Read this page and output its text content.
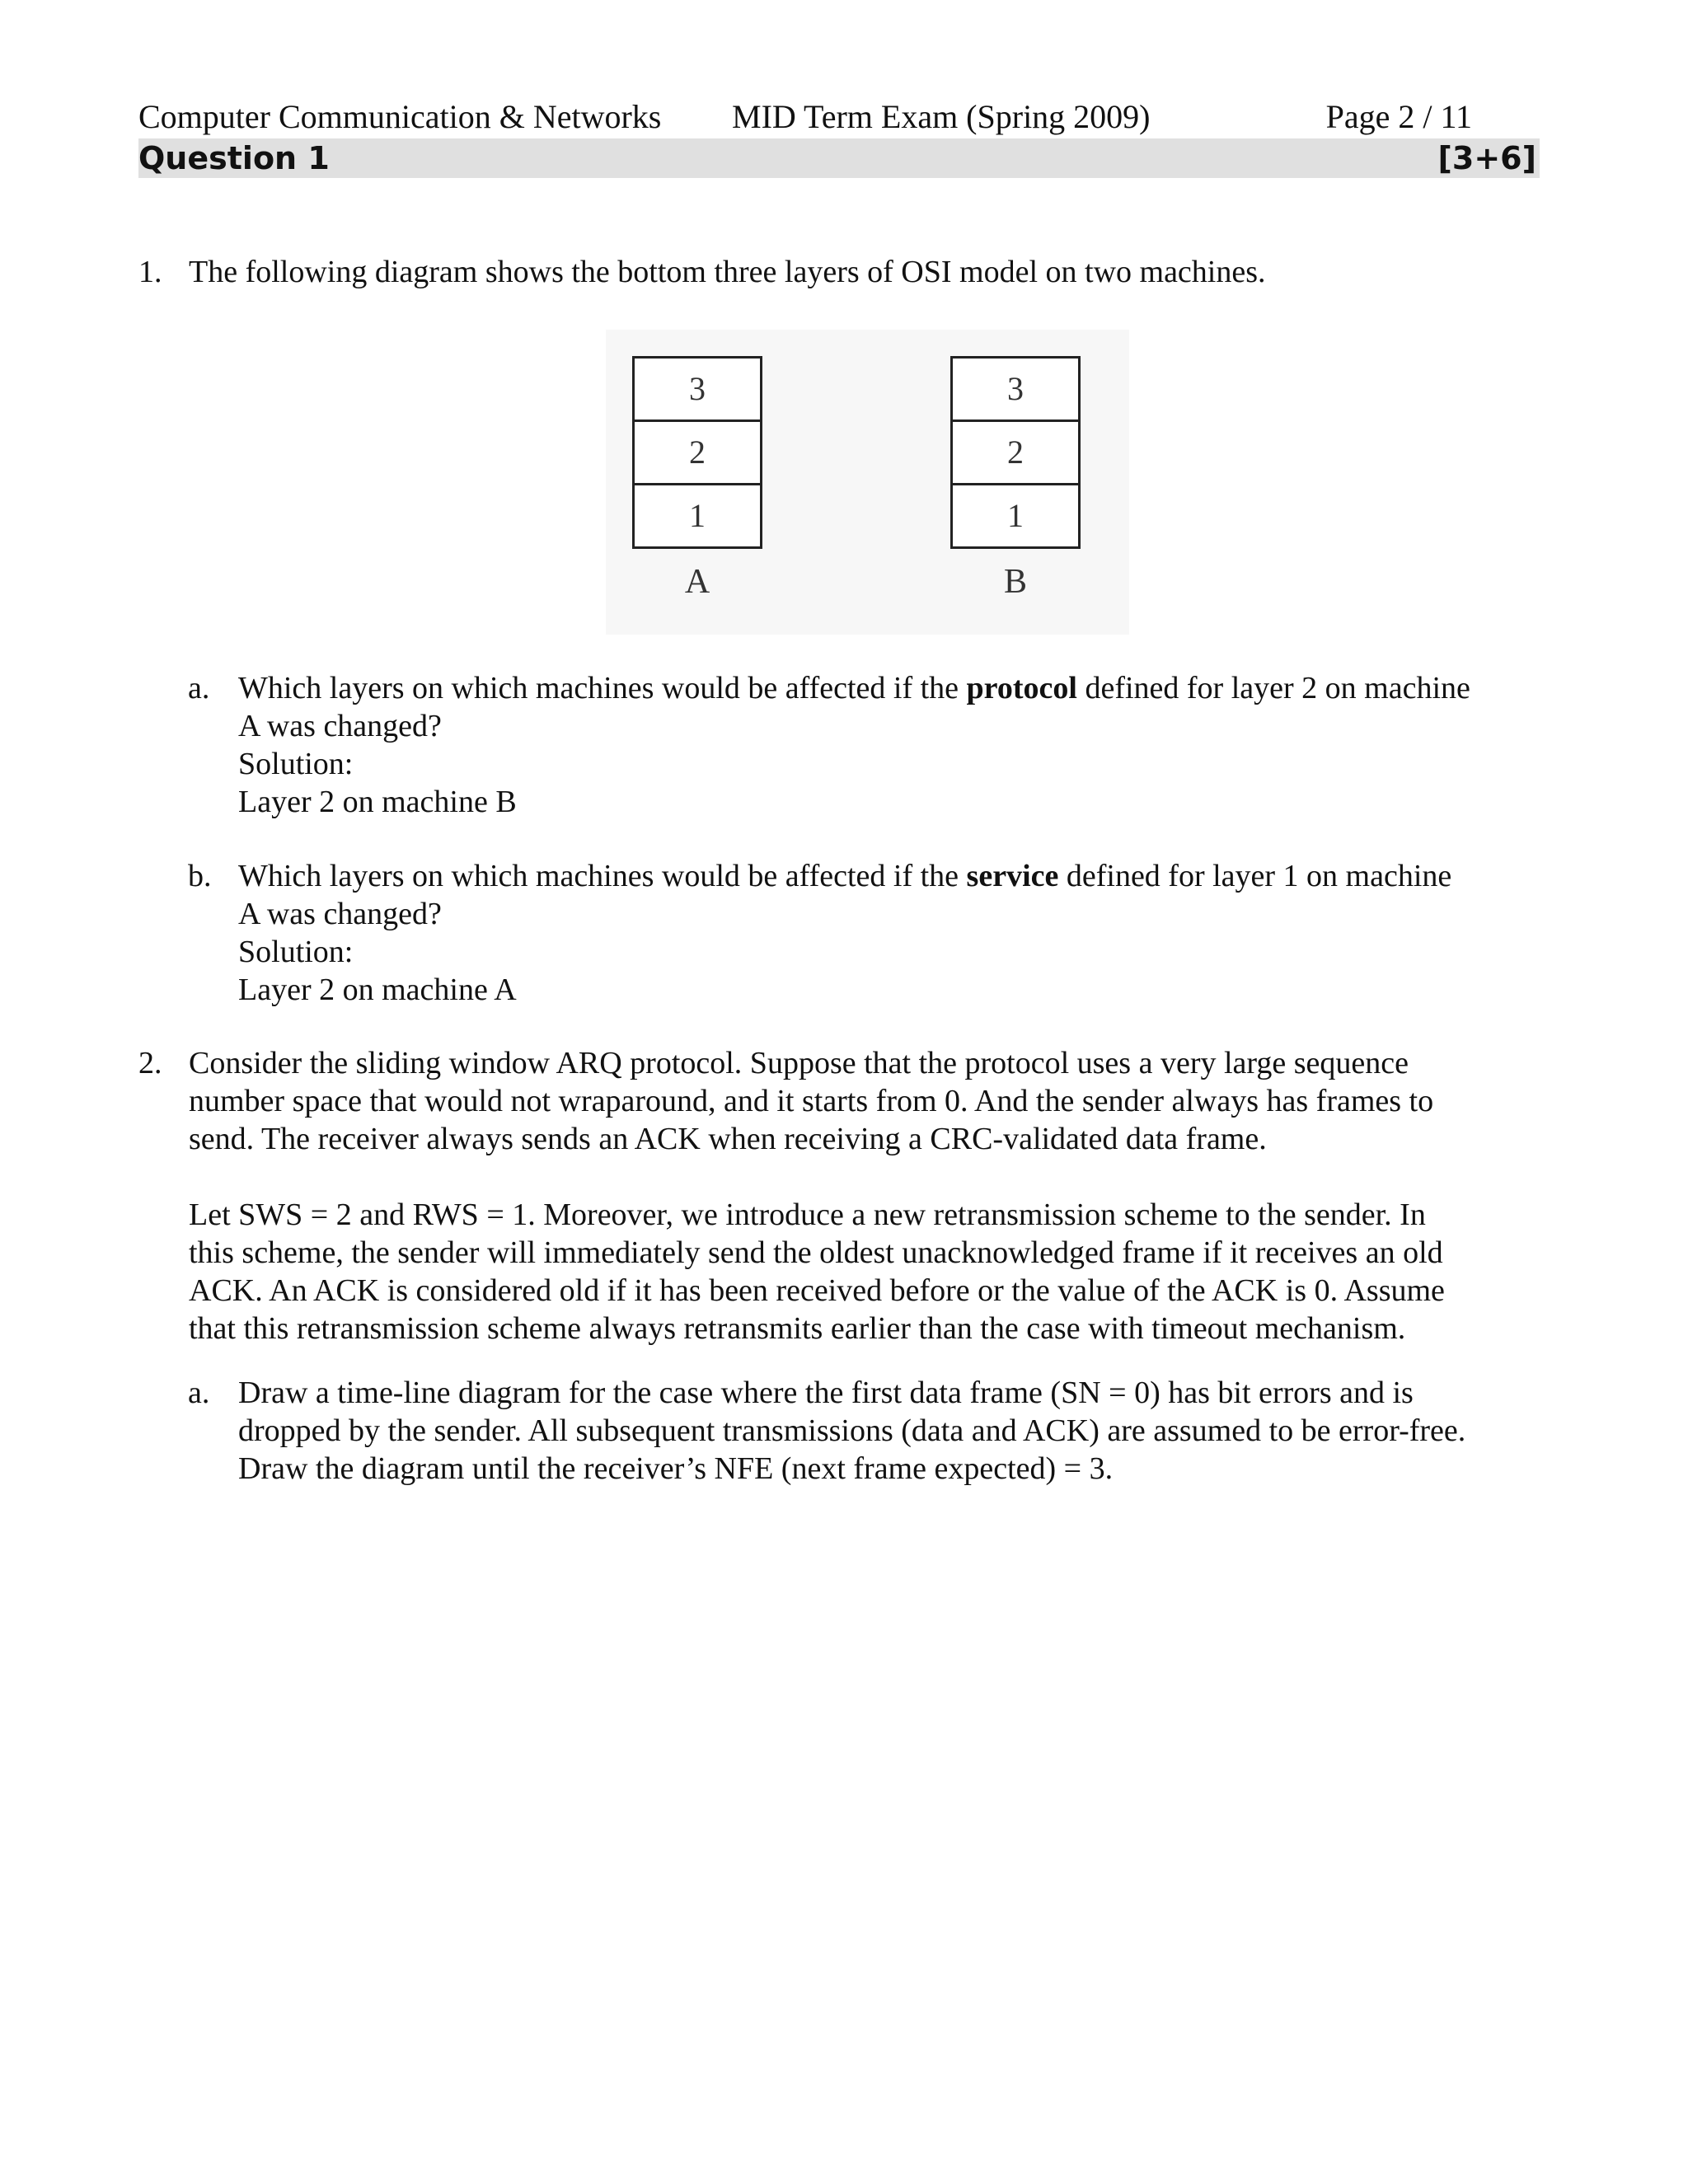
Computer Communication & Networks MID Term Exam (Spring 2009)	Page 2 / 11
Question 1	[3+6]
1. The following diagram shows the bottom three layers of OSI model on two machines.
3
2
1
A
3
2
1
B
a. Which layers on which machines would be affected if the protocol defined for layer 2 on machine
A was changed?
Solution:
Layer 2 on machine B
b. Which layers on which machines would be affected if the service defined for layer 1 on machine
A was changed?
Solution:
Layer 2 on machine A
2. Consider the sliding window ARQ protocol. Suppose that the protocol uses a very large sequence
number space that would not wraparound, and it starts from 0. And the sender always has frames to
send. The receiver always sends an ACK when receiving a CRC-validated data frame.
Let SWS = 2 and RWS = 1. Moreover, we introduce a new retransmission scheme to the sender. In
this scheme, the sender will immediately send the oldest unacknowledged frame if it receives an old
ACK. An ACK is considered old if it has been received before or the value of the ACK is 0. Assume
that this retransmission scheme always retransmits earlier than the case with timeout mechanism.
a. Draw a time-line diagram for the case where the first data frame (SN = 0) has bit errors and is
dropped by the sender. All subsequent transmissions (data and ACK) are assumed to be error-free.
Draw the diagram until the receiver’s NFE (next frame expected) = 3.
